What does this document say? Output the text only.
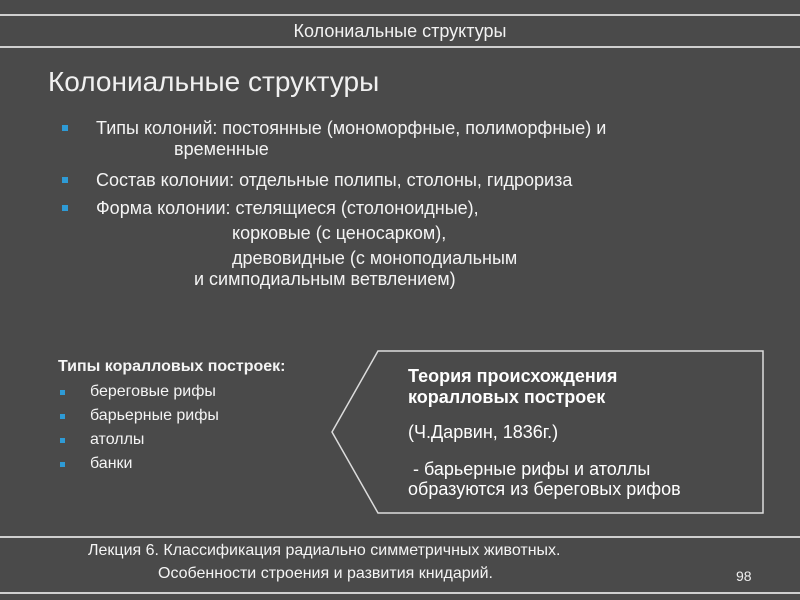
Колониальные структуры
Колониальные структуры
Типы колоний: постоянные (мономорфные, полиморфные) и
временные
Состав колонии: отдельные полипы, столоны, гидрориза
Форма колонии: стелящиеся (столоноидные),
корковые (с ценосарком),
древовидные (с моноподиальным
и симподиальным ветвлением)
Типы коралловых построек:
береговые рифы
барьерные рифы
атоллы
банки
Теория происхождения
коралловых построек
(Ч.Дарвин, 1836г.)
- барьерные рифы и атоллы
образуются из береговых рифов
Лекция 6. Классификация радиально симметричных животных.
Особенности строения и развития книдарий.	98
